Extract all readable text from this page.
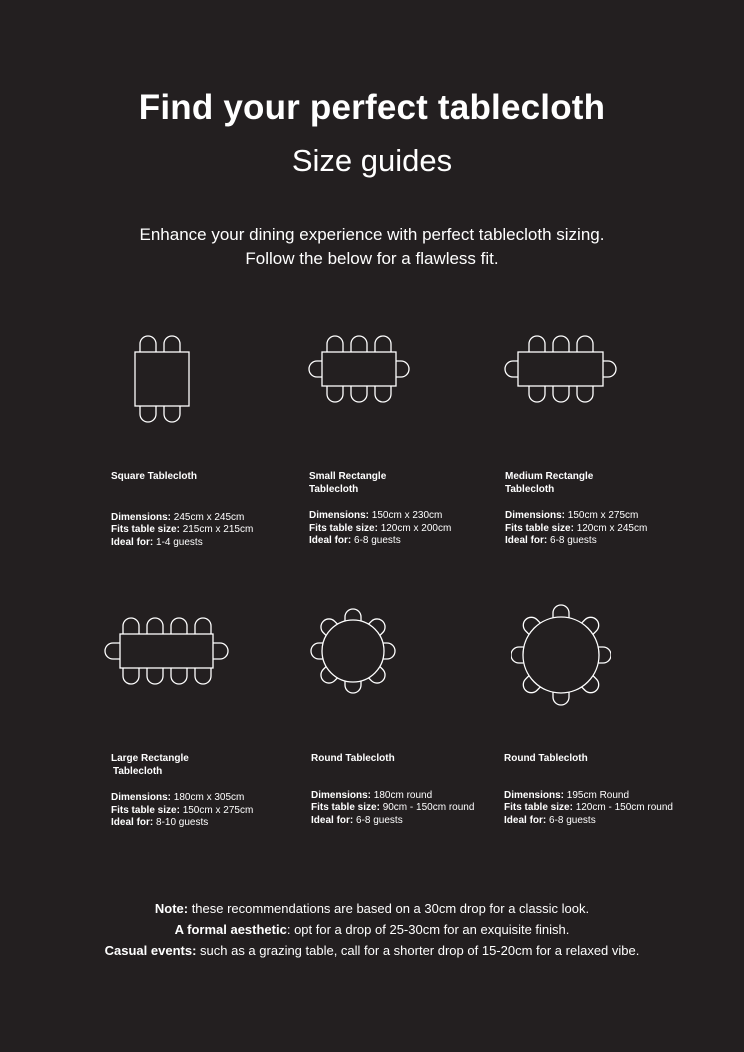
Find your perfect tablecloth
Size guides
Enhance your dining experience with perfect tablecloth sizing.
Follow the below for a flawless fit.
Square Tablecloth
Dimensions: 245cm x 245cm
Fits table size: 215cm x 215cm
Ideal for: 1-4 guests
Small Rectangle
Tablecloth
Dimensions: 150cm x 230cm
Fits table size: 120cm x 200cm
Ideal for: 6-8 guests
Medium Rectangle
Tablecloth
Dimensions: 150cm x 275cm
Fits table size: 120cm x 245cm
Ideal for: 6-8 guests
Large Rectangle
Tablecloth
Dimensions: 180cm x 305cm
Fits table size: 150cm x 275cm
Ideal for: 8-10 guests
Round Tablecloth
Dimensions: 180cm round
Fits table size: 90cm - 150cm round
Ideal for: 6-8 guests
Round Tablecloth
Dimensions: 195cm Round
Fits table size: 120cm - 150cm round
Ideal for: 6-8 guests
Note: these recommendations are based on a 30cm drop for a classic look.
A formal aesthetic: opt for a drop of 25-30cm for an exquisite finish.
Casual events: such as a grazing table, call for a shorter drop of 15-20cm for a relaxed vibe.
